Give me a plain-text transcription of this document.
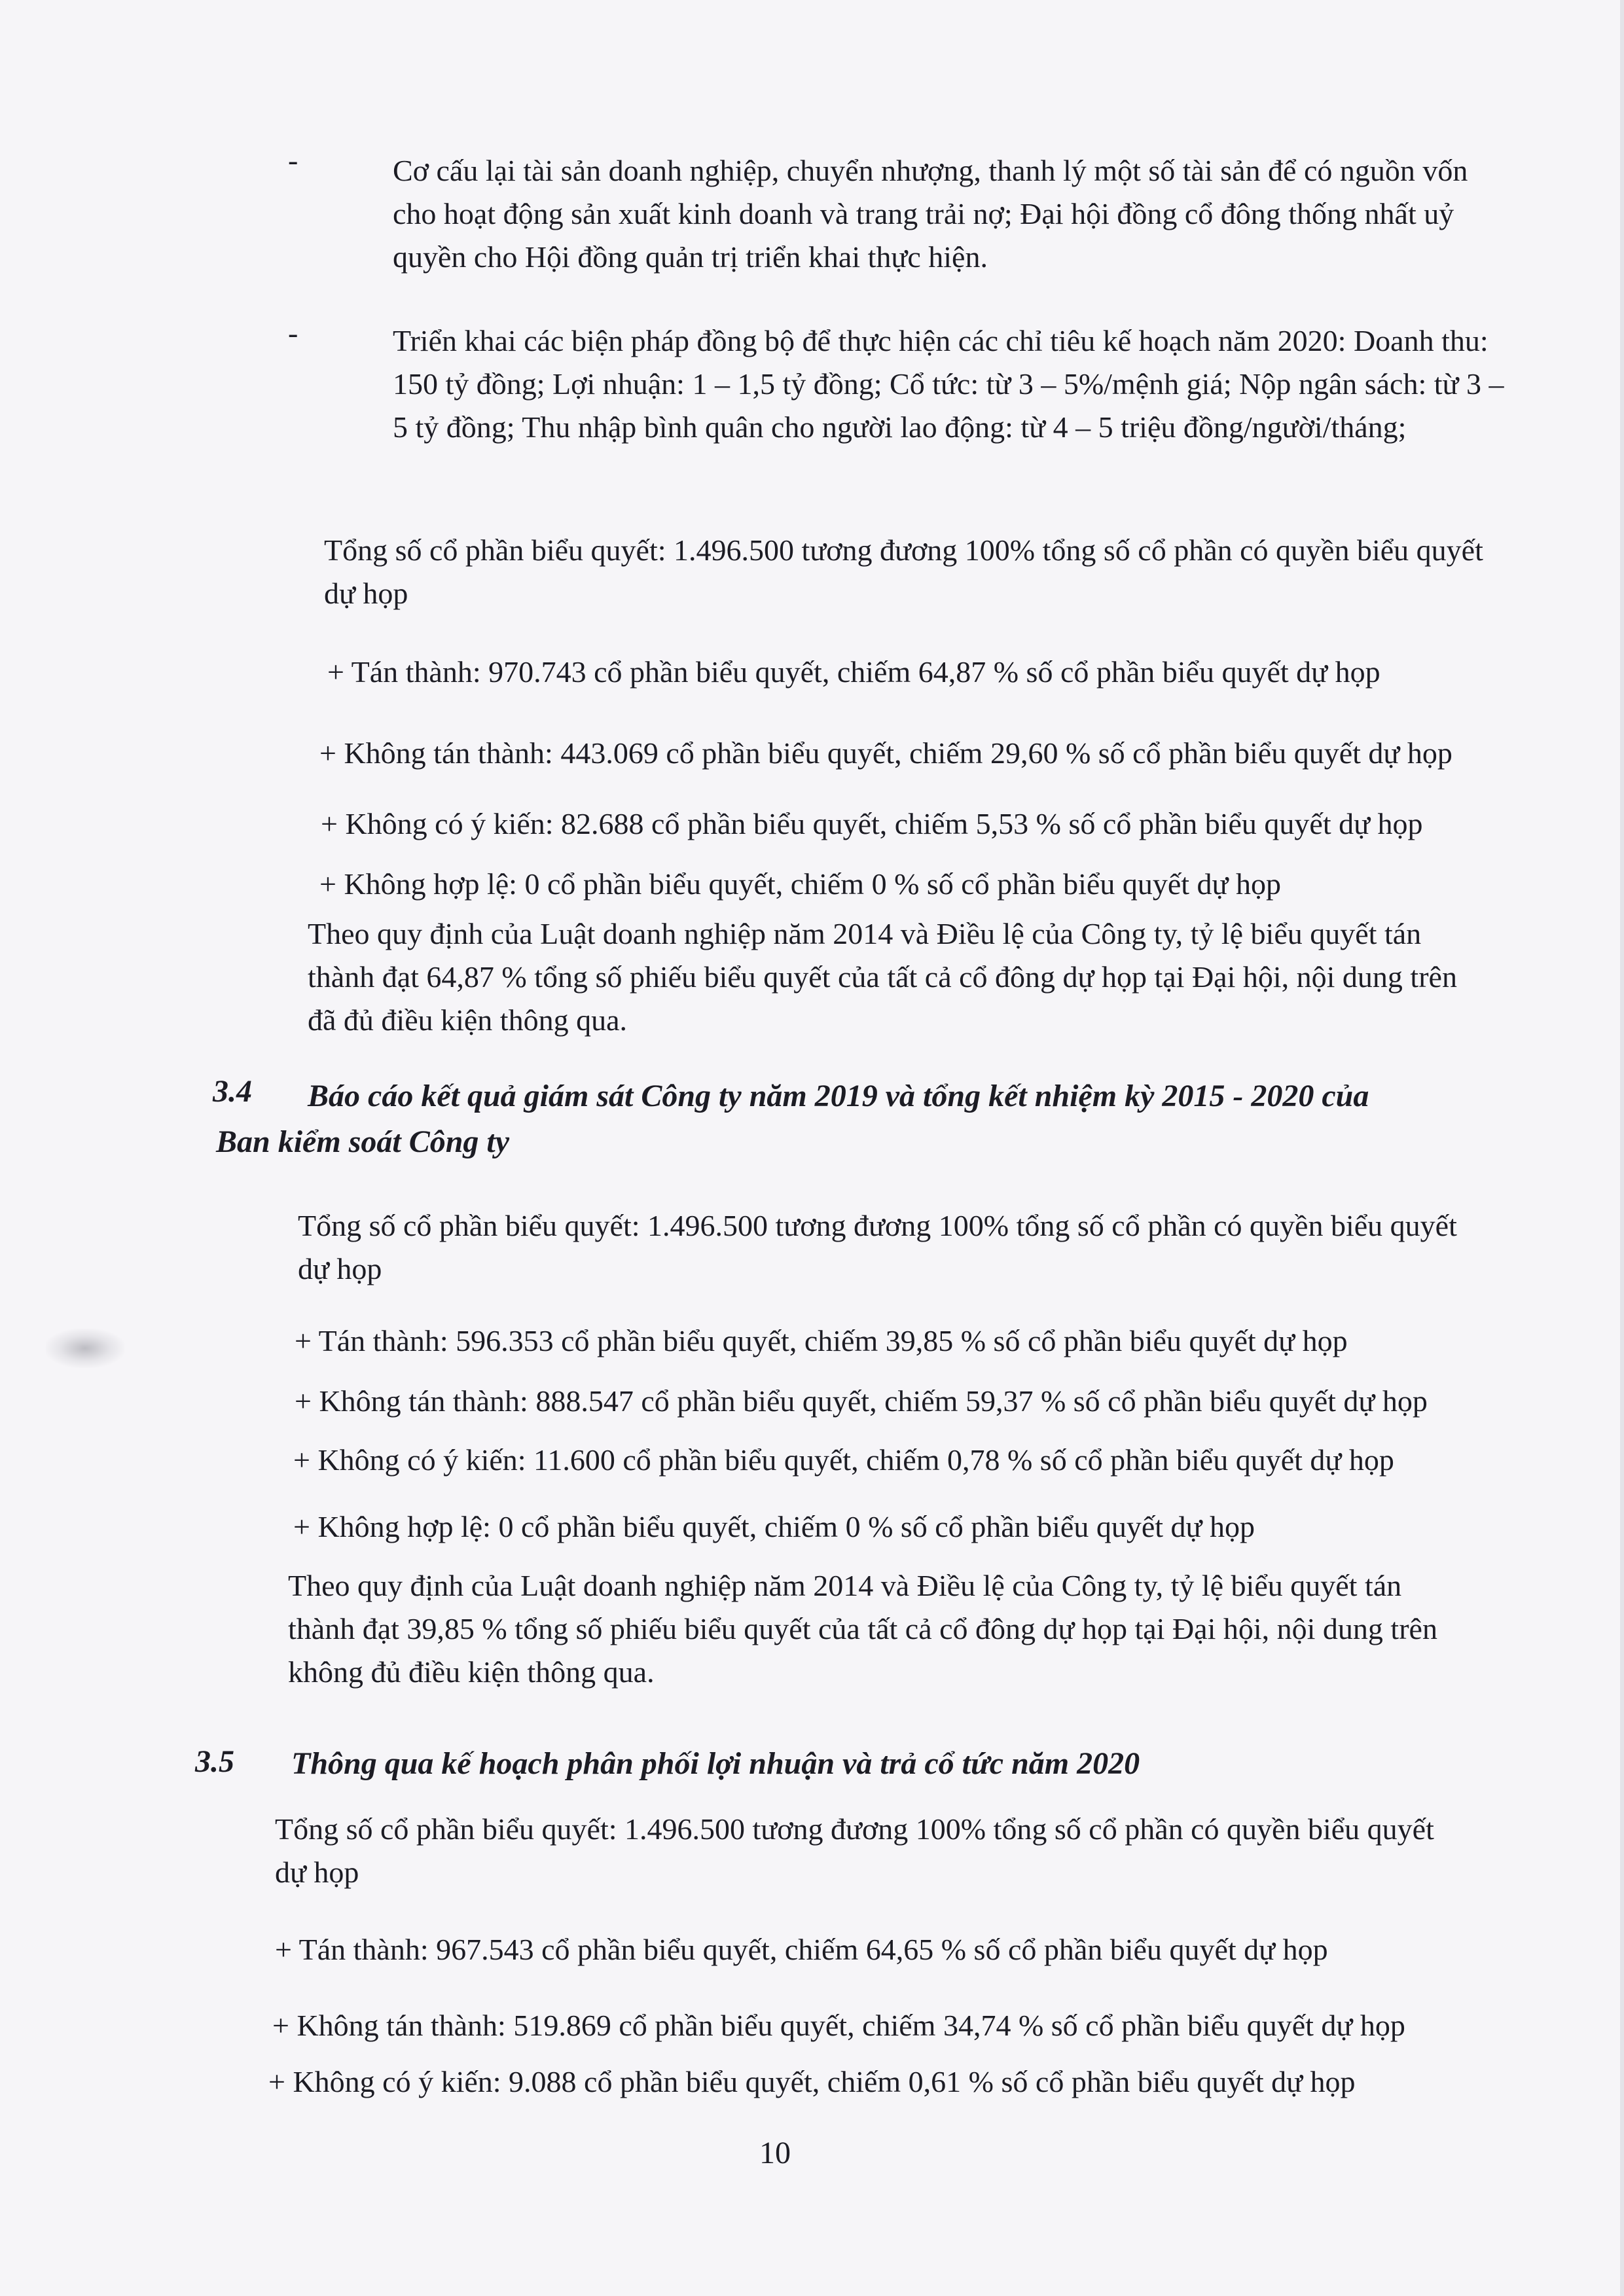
-	Cơ cấu lại tài sản doanh nghiệp, chuyển nhượng, thanh lý một số tài sản để có nguồn vốn cho hoạt động sản xuất kinh doanh và trang trải nợ; Đại hội đồng cổ đông thống nhất uỷ quyền cho Hội đồng quản trị triển khai thực hiện.

-	Triển khai các biện pháp đồng bộ để thực hiện các chỉ tiêu kế hoạch năm 2020: Doanh thu: 150 tỷ đồng; Lợi nhuận: 1 – 1,5 tỷ đồng; Cổ tức: từ 3 – 5%/mệnh giá; Nộp ngân sách: từ 3 – 5 tỷ đồng; Thu nhập bình quân cho người lao động: từ 4 – 5 triệu đồng/người/tháng;

Tổng số cổ phần biểu quyết: 1.496.500 tương đương 100% tổng số cổ phần có quyền biểu quyết dự họp

+ Tán thành: 970.743 cổ phần biểu quyết, chiếm 64,87 % số cổ phần biểu quyết dự họp
+ Không tán thành: 443.069 cổ phần biểu quyết, chiếm 29,60 % số cổ phần biểu quyết dự họp
+ Không có ý kiến: 82.688 cổ phần biểu quyết, chiếm 5,53 % số cổ phần biểu quyết dự họp
+ Không hợp lệ: 0 cổ phần biểu quyết, chiếm 0 % số cổ phần biểu quyết dự họp

Theo quy định của Luật doanh nghiệp năm 2014 và Điều lệ của Công ty, tỷ lệ biểu quyết tán thành đạt 64,87 % tổng số phiếu biểu quyết của tất cả cổ đông dự họp tại Đại hội, nội dung trên đã đủ điều kiện thông qua.

3.4 Báo cáo kết quả giám sát Công ty năm 2019 và tổng kết nhiệm kỳ 2015 - 2020 của

Ban kiểm soát Công ty

Tổng số cổ phần biểu quyết: 1.496.500 tương đương 100% tổng số cổ phần có quyền biểu quyết dự họp

+ Tán thành: 596.353 cổ phần biểu quyết, chiếm 39,85 % số cổ phần biểu quyết dự họp
+ Không tán thành: 888.547 cổ phần biểu quyết, chiếm 59,37 % số cổ phần biểu quyết dự họp
+ Không có ý kiến: 11.600 cổ phần biểu quyết, chiếm 0,78 % số cổ phần biểu quyết dự họp
+ Không hợp lệ: 0 cổ phần biểu quyết, chiếm 0 % số cổ phần biểu quyết dự họp

Theo quy định của Luật doanh nghiệp năm 2014 và Điều lệ của Công ty, tỷ lệ biểu quyết tán thành đạt 39,85 % tổng số phiếu biểu quyết của tất cả cổ đông dự họp tại Đại hội, nội dung trên không đủ điều kiện thông qua.

3.5 Thông qua kế hoạch phân phối lợi nhuận và trả cổ tức năm 2020

Tổng số cổ phần biểu quyết: 1.496.500 tương đương 100% tổng số cổ phần có quyền biểu quyết dự họp

+ Tán thành: 967.543 cổ phần biểu quyết, chiếm 64,65 % số cổ phần biểu quyết dự họp
+ Không tán thành: 519.869 cổ phần biểu quyết, chiếm 34,74 % số cổ phần biểu quyết dự họp
+ Không có ý kiến: 9.088 cổ phần biểu quyết, chiếm 0,61 % số cổ phần biểu quyết dự họp
10
